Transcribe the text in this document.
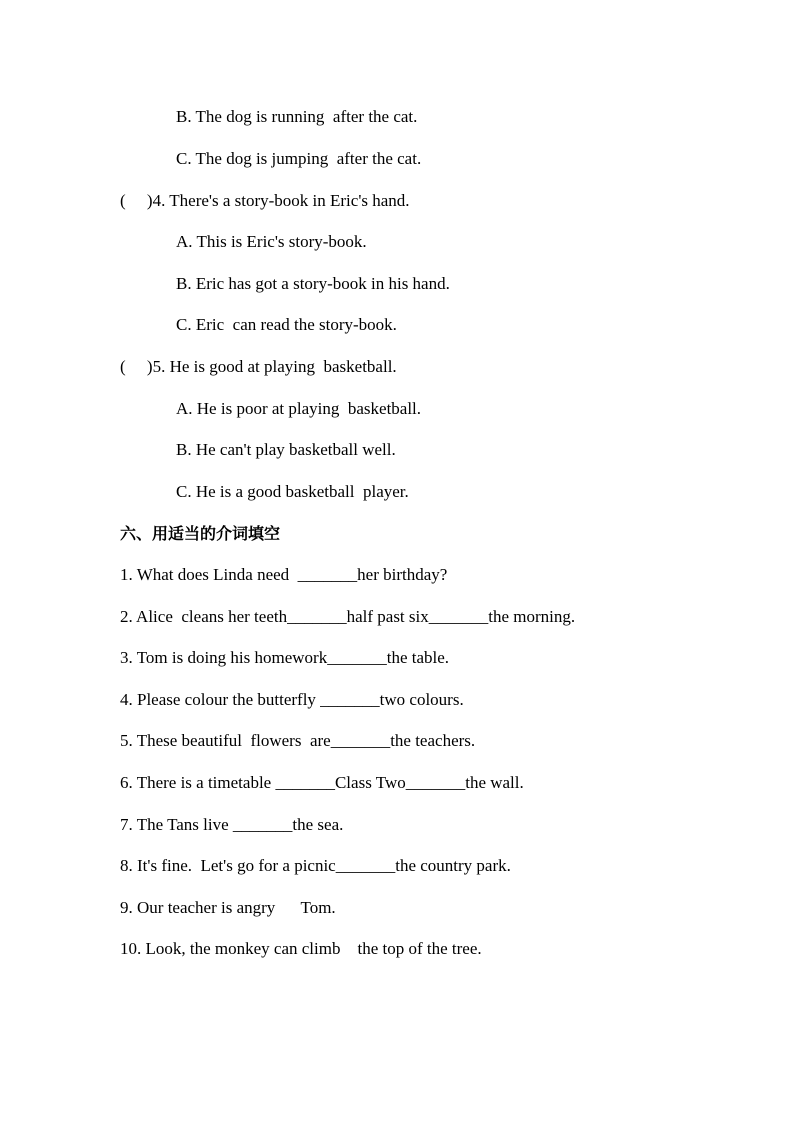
B. The dog is running  after the cat.

C. The dog is jumping  after the cat.

(     )4. There's a story-book in Eric's hand.

A. This is Eric's story-book.

B. Eric has got a story-book in his hand.

C. Eric  can read the story-book.

(     )5. He is good at playing  basketball.

A. He is poor at playing  basketball.

B. He can't play basketball well.

C. He is a good basketball  player.

六、用适当的介词填空

1. What does Linda need  _______her birthday?

2. Alice  cleans her teeth_______half past six_______the morning.

3. Tom is doing his homework_______the table.

4. Please colour the butterfly _______two colours.

5. These beautiful  flowers  are_______the teachers.

6. There is a timetable _______Class Two_______the wall.

7. The Tans live _______the sea.

8. It's fine.  Let's go for a picnic_______the country park.

9. Our teacher is angry      Tom.

10. Look, the monkey can climb    the top of the tree.
